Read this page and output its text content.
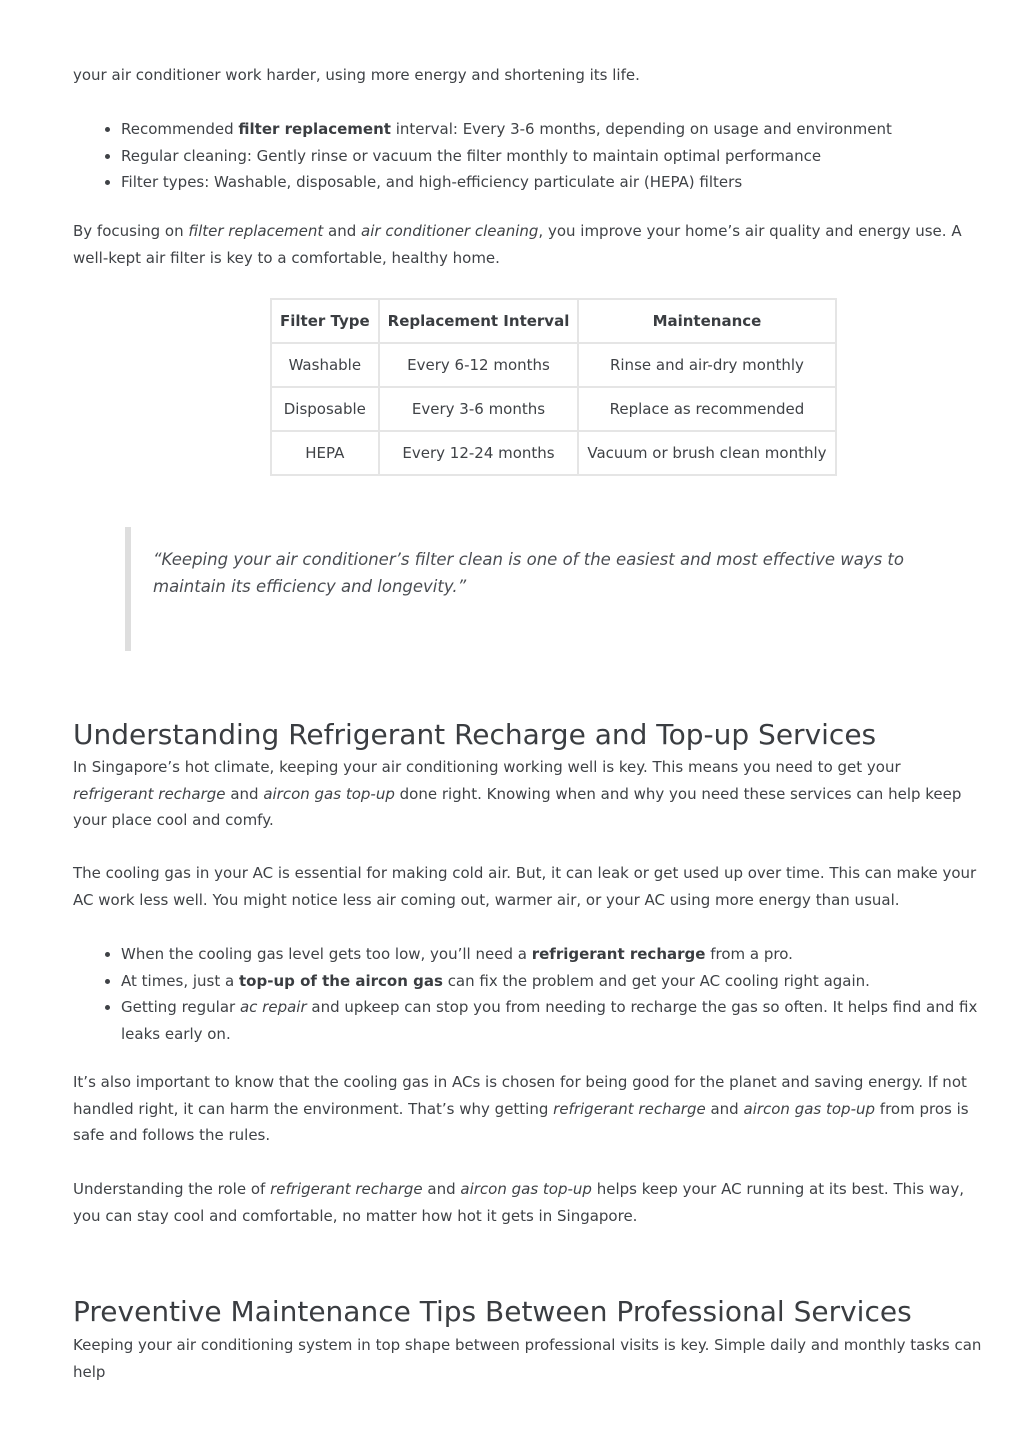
your air conditioner work harder, using more energy and shortening its life.

• Recommended filter replacement interval: Every 3-6 months, depending on usage and environment
• Regular cleaning: Gently rinse or vacuum the filter monthly to maintain optimal performance
• Filter types: Washable, disposable, and high-efficiency particulate air (HEPA) filters

By focusing on filter replacement and air conditioner cleaning, you improve your home’s air quality and energy use. A well-kept air filter is key to a comfortable, healthy home.

Filter Type	Replacement Interval	Maintenance
Washable	Every 6-12 months	Rinse and air-dry monthly
Disposable	Every 3-6 months	Replace as recommended
HEPA	Every 12-24 months	Vacuum or brush clean monthly

“Keeping your air conditioner’s filter clean is one of the easiest and most effective ways to maintain its efficiency and longevity.”

Understanding Refrigerant Recharge and Top-up Services

In Singapore’s hot climate, keeping your air conditioning working well is key. This means you need to get your refrigerant recharge and aircon gas top-up done right. Knowing when and why you need these services can help keep your place cool and comfy.

The cooling gas in your AC is essential for making cold air. But, it can leak or get used up over time. This can make your AC work less well. You might notice less air coming out, warmer air, or your AC using more energy than usual.

• When the cooling gas level gets too low, you’ll need a refrigerant recharge from a pro.
• At times, just a top-up of the aircon gas can fix the problem and get your AC cooling right again.
• Getting regular ac repair and upkeep can stop you from needing to recharge the gas so often. It helps find and fix leaks early on.

It’s also important to know that the cooling gas in ACs is chosen for being good for the planet and saving energy. If not handled right, it can harm the environment. That’s why getting refrigerant recharge and aircon gas top-up from pros is safe and follows the rules.

Understanding the role of refrigerant recharge and aircon gas top-up helps keep your AC running at its best. This way, you can stay cool and comfortable, no matter how hot it gets in Singapore.

Preventive Maintenance Tips Between Professional Services

Keeping your air conditioning system in top shape between professional visits is key. Simple daily and monthly tasks can help
